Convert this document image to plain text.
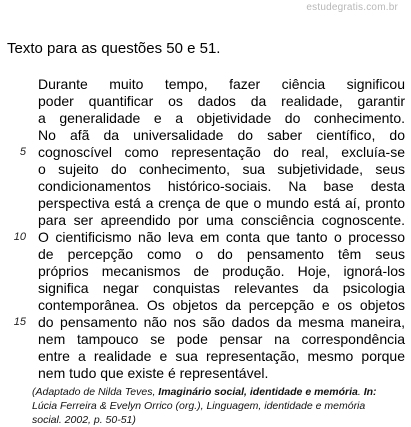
estudegratis.com.br
Texto para as questões 50 e 51.
Durante muito tempo, fazer ciência significou
poder quantificar os dados da realidade, garantir
a generalidade e a objetividade do conhecimento.
No afã da universalidade do saber científico, do
cognoscível como representação do real, excluía-se
o sujeito do conhecimento, sua subjetividade, seus
condicionamentos histórico-sociais. Na base desta
perspectiva está a crença de que o mundo está aí, pronto
para ser apreendido por uma consciência cognoscente.
O cientificismo não leva em conta que tanto o processo
de percepção como o do pensamento têm seus
próprios mecanismos de produção. Hoje, ignorá-los
significa negar conquistas relevantes da psicologia
contemporânea. Os objetos da percepção e os objetos
do pensamento não nos são dados da mesma maneira,
nem tampouco se pode pensar na correspondência
entre a realidade e sua representação, mesmo porque
nem tudo que existe é representável.
5
10
15
(Adaptado de Nilda Teves, Imaginário social, identidade e memória. In:
Lúcia Ferreira & Evelyn Orrico (org.), Linguagem, identidade e memória
social. 2002, p. 50-51)
